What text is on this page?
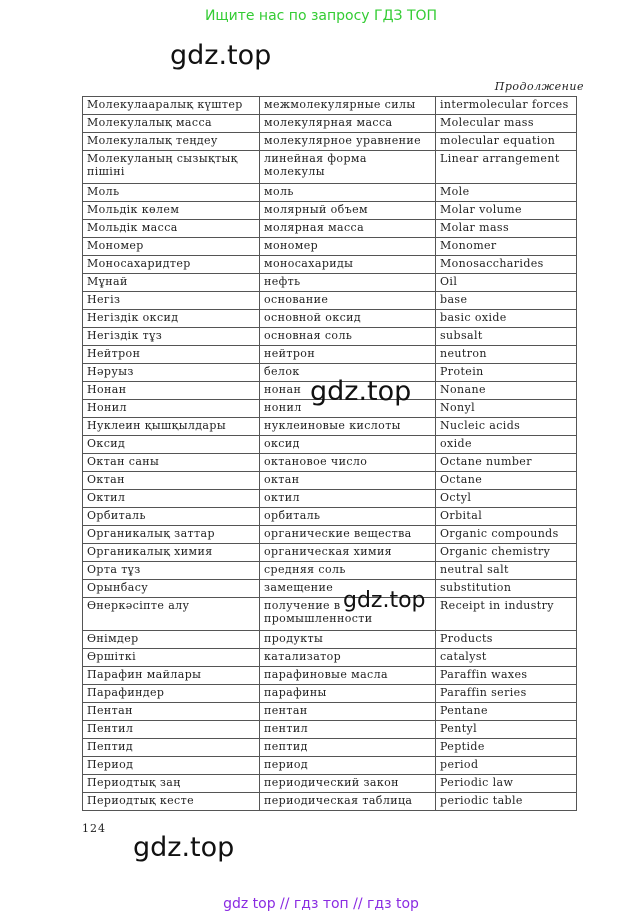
Ищите нас по запросу ГДЗ ТОП
gdz.top
Продолжение
Молекулааралық күштер	межмолекулярные силы	intermolecular forces
Молекулалық масса	молекулярная масса	Molecular mass
Молекулалық теңдеу	молекулярное уравнение	molecular equation
Молекуланың сызықтық пішіні	линейная форма молекулы	Linear arrangement
Моль	моль	Mole
Мольдік көлем	молярный объем	Molar volume
Мольдік масса	молярная масса	Molar mass
Мономер	мономер	Monomer
Моносахаридтер	моносахариды	Monosaccharides
Мұнай	нефть	Oil
Негіз	основание	base
Негіздік оксид	основной оксид	basic oxide
Негіздік тұз	основная соль	subsalt
Нейтрон	нейтрон	neutron
Нәруыз	белок	Protein
Нонан	нонан	Nonane
Нонил	нонил	Nonyl
Нуклеин қышқылдары	нуклеиновые кислоты	Nucleic acids
Оксид	оксид	oxide
Октан саны	октановое число	Octane number
Октан	октан	Octane
Октил	октил	Octyl
Орбиталь	орбиталь	Orbital
Органикалық заттар	органические вещества	Organic compounds
Органикалық химия	органическая химия	Organic chemistry
Орта тұз	средняя соль	neutral salt
Орынбасу	замещение	substitution
Өнеркәсіпте алу	получение в промышленности	Receipt in industry
Өнімдер	продукты	Products
Өршіткі	катализатор	catalyst
Парафин майлары	парафиновые масла	Paraffin waxes
Парафиндер	парафины	Paraffin series
Пентан	пентан	Pentane
Пентил	пентил	Pentyl
Пептид	пептид	Peptide
Период	период	period
Периодтық заң	периодический закон	Periodic law
Периодтық кесте	периодическая таблица	periodic table
gdz.top
gdz.top
124
gdz.top
gdz top // гдз топ // гдз top
